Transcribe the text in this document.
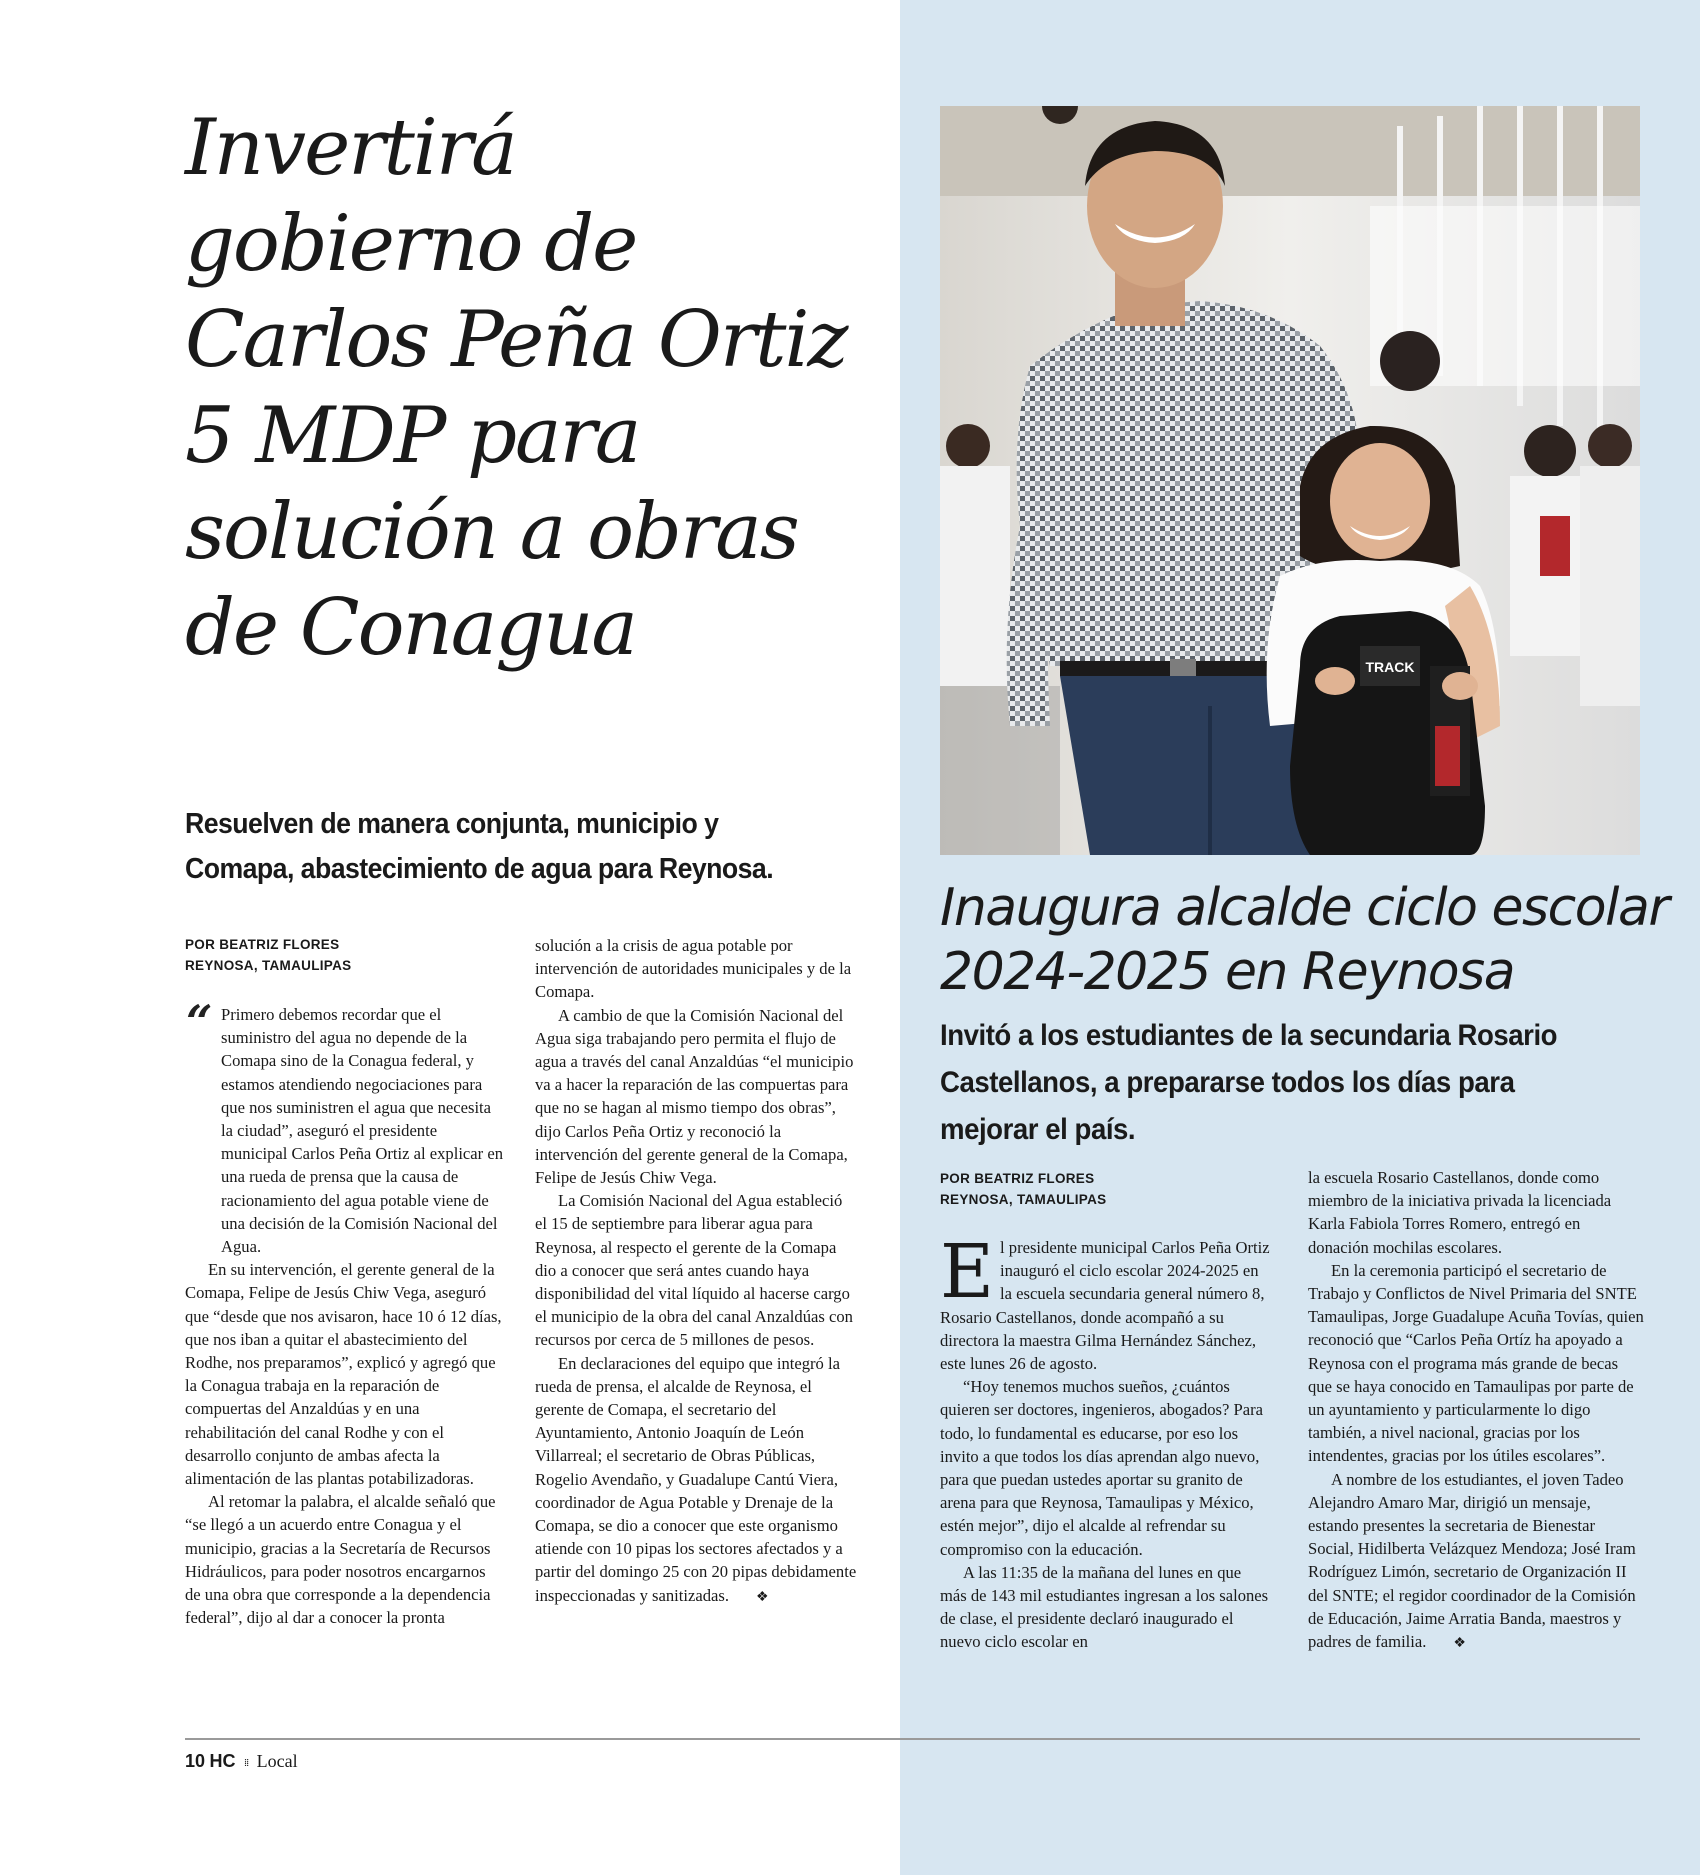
Invertirá
gobierno de
Carlos Peña Ortiz
5 MDP para
solución a obras
de Conagua

Resuelven de manera conjunta, municipio y Comapa, abastecimiento de agua para Reynosa.

POR BEATRIZ FLORES
REYNOSA, TAMAULIPAS
“ Primero debemos recordar que el suministro del agua no depende de la Comapa sino de la Conagua federal, y estamos atendiendo negociaciones para que nos suministren el agua que necesita la ciudad”, aseguró el presidente municipal Carlos Peña Ortiz al explicar en una rueda de prensa que la causa de racionamiento del agua potable viene de una decisión de la Comisión Nacional del Agua.

En su intervención, el gerente general de la Comapa, Felipe de Jesús Chiw Vega, aseguró que “desde que nos avisaron, hace 10 ó 12 días, que nos iban a quitar el abastecimiento del Rodhe, nos preparamos”, explicó y agregó que la Conagua trabaja en la reparación de compuertas del Anzaldúas y en una rehabilitación del canal Rodhe y con el desarrollo conjunto de ambas afecta la alimentación de las plantas potabilizadoras.

Al retomar la palabra, el alcalde señaló que “se llegó a un acuerdo entre Conagua y el municipio, gracias a la Secretaría de Recursos Hidráulicos, para poder nosotros encargarnos de una obra que corresponde a la dependencia federal”, dijo al dar a conocer la pronta

solución a la crisis de agua potable por intervención de autoridades municipales y de la Comapa.

A cambio de que la Comisión Nacional del Agua siga trabajando pero permita el flujo de agua a través del canal Anzaldúas “el municipio va a hacer la reparación de las compuertas para que no se hagan al mismo tiempo dos obras”, dijo Carlos Peña Ortiz y reconoció la intervención del gerente general de la Comapa, Felipe de Jesús Chiw Vega.

La Comisión Nacional del Agua estableció el 15 de septiembre para liberar agua para Reynosa, al respecto el gerente de la Comapa dio a conocer que será antes cuando haya disponibilidad del vital líquido al hacerse cargo el municipio de la obra del canal Anzaldúas con recursos por cerca de 5 millones de pesos.

En declaraciones del equipo que integró la rueda de prensa, el alcalde de Reynosa, el gerente de Comapa, el secretario del Ayuntamiento, Antonio Joaquín de León Villarreal; el secretario de Obras Públicas, Rogelio Avendaño, y Guadalupe Cantú Viera, coordinador de Agua Potable y Drenaje de la Comapa, se dio a conocer que este organismo atiende con 10 pipas los sectores afectados y a partir del domingo 25 con 20 pipas debidamente inspeccionadas y sanitizadas. ❖

TRACK
Inaugura alcalde ciclo escolar
2024-2025 en Reynosa

Invitó a los estudiantes de la secundaria Rosario Castellanos, a prepararse todos los días para mejorar el país.

POR BEATRIZ FLORES
REYNOSA, TAMAULIPAS

El presidente municipal Carlos Peña Ortiz inauguró el ciclo escolar 2024-2025 en la escuela secundaria general número 8, Rosario Castellanos, donde acompañó a su directora la maestra Gilma Hernández Sánchez, este lunes 26 de agosto.

“Hoy tenemos muchos sueños, ¿cuántos quieren ser doctores, ingenieros, abogados? Para todo, lo fundamental es educarse, por eso los invito a que todos los días aprendan algo nuevo, para que puedan ustedes aportar su granito de arena para que Reynosa, Tamaulipas y México, estén mejor”, dijo el alcalde al refrendar su compromiso con la educación.

A las 11:35 de la mañana del lunes en que más de 143 mil estudiantes ingresan a los salones de clase, el presidente declaró inaugurado el nuevo ciclo escolar en

la escuela Rosario Castellanos, donde como miembro de la iniciativa privada la licenciada Karla Fabiola Torres Romero, entregó en donación mochilas escolares.

En la ceremonia participó el secretario de Trabajo y Conflictos de Nivel Primaria del SNTE Tamaulipas, Jorge Guadalupe Acuña Tovías, quien reconoció que “Carlos Peña Ortíz ha apoyado a Reynosa con el programa más grande de becas que se haya conocido en Tamaulipas por parte de un ayuntamiento y particularmente lo digo también, a nivel nacional, gracias por los intendentes, gracias por los útiles escolares”.

A nombre de los estudiantes, el joven Tadeo Alejandro Amaro Mar, dirigió un mensaje, estando presentes la secretaria de Bienestar Social, Hidilberta Velázquez Mendoza; José Iram Rodríguez Limón, secretario de Organización II del SNTE; el regidor coordinador de la Comisión de Educación, Jaime Arratia Banda, maestros y padres de familia. ❖

10 HC ⁞⁞ Local
